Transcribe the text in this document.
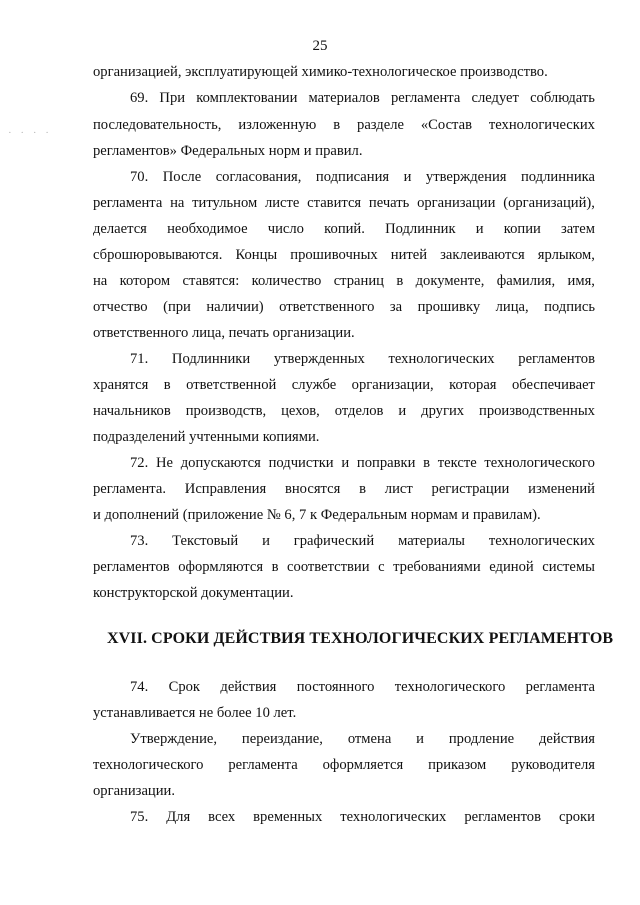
25
· · · ·
организацией, эксплуатирующей химико-технологическое производство.
69. При комплектовании материалов регламента следует соблюдать
последовательность, изложенную в разделе «Состав технологических
регламентов» Федеральных норм и правил.
70. После согласования, подписания и утверждения подлинника
регламента на титульном листе ставится печать организации (организаций),
делается необходимое число копий. Подлинник и копии затем
сброшюровываются. Концы прошивочных нитей заклеиваются ярлыком,
на котором ставятся: количество страниц в документе, фамилия, имя,
отчество (при наличии) ответственного за прошивку лица, подпись
ответственного лица, печать организации.
71. Подлинники утвержденных технологических регламентов
хранятся в ответственной службе организации, которая обеспечивает
начальников производств, цехов, отделов и других производственных
подразделений учтенными копиями.
72. Не допускаются подчистки и поправки в тексте технологического
регламента. Исправления вносятся в лист регистрации изменений
и дополнений (приложение № 6, 7 к Федеральным нормам и правилам).
73. Текстовый и графический материалы технологических
регламентов оформляются в соответствии с требованиями единой системы
конструкторской документации.
XVII. СРОКИ ДЕЙСТВИЯ ТЕХНОЛОГИЧЕСКИХ РЕГЛАМЕНТОВ
74. Срок действия постоянного технологического регламента
устанавливается не более 10 лет.
Утверждение, переиздание, отмена и продление действия
технологического регламента оформляется приказом руководителя
организации.
75. Для всех временных технологических регламентов сроки
